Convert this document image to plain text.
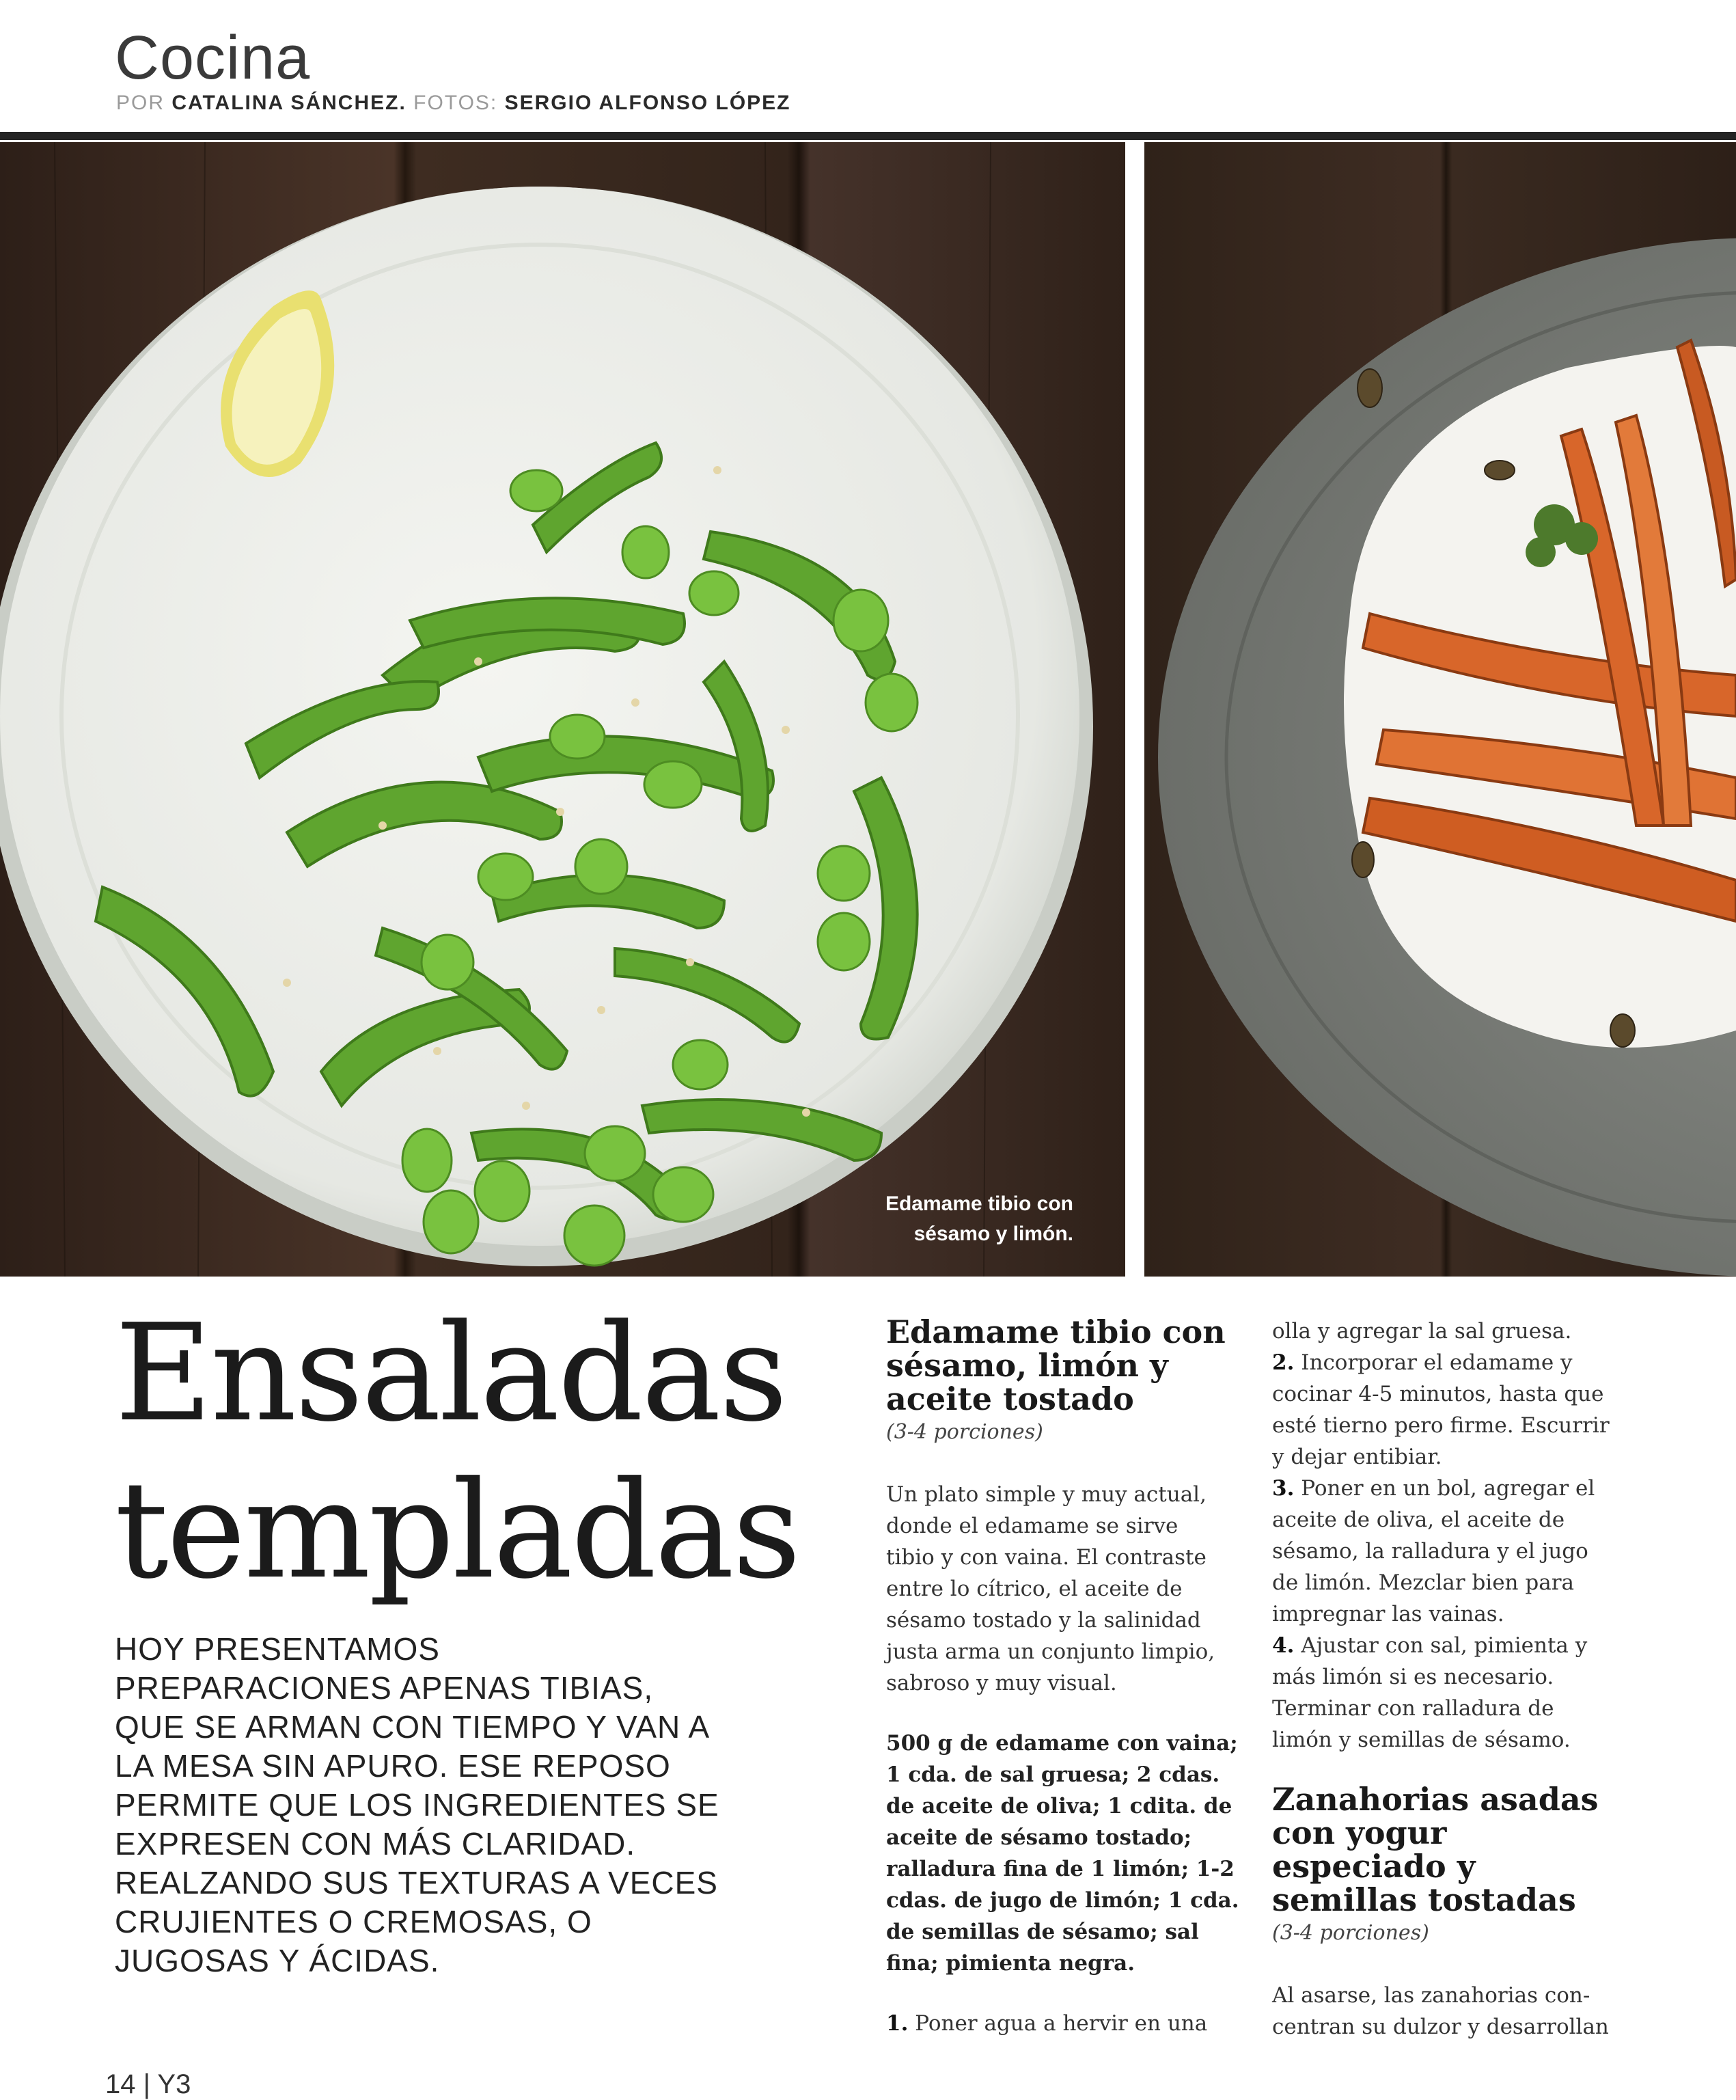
Cocina
POR CATALINA SÁNCHEZ. FOTOS: SERGIO ALFONSO LÓPEZ
Edamame tibio con
sésamo y limón.
Ensaladas
templadas
HOY PRESENTAMOS
PREPARACIONES APENAS TIBIAS,
QUE SE ARMAN CON TIEMPO Y VAN A
LA MESA SIN APURO. ESE REPOSO
PERMITE QUE LOS INGREDIENTES SE
EXPRESEN CON MÁS CLARIDAD.
REALZANDO SUS TEXTURAS A VECES
CRUJIENTES O CREMOSAS, O
JUGOSAS Y ÁCIDAS.
Edamame tibio con
sésamo, limón y
aceite tostado
(3-4 porciones)
Un plato simple y muy actual,
donde el edamame se sirve
tibio y con vaina. El contraste
entre lo cítrico, el aceite de
sésamo tostado y la salinidad
justa arma un conjunto limpio,
sabroso y muy visual.
500 g de edamame con vaina;
1 cda. de sal gruesa; 2 cdas.
de aceite de oliva; 1 cdita. de
aceite de sésamo tostado;
ralladura fina de 1 limón; 1-2
cdas. de jugo de limón; 1 cda.
de semillas de sésamo; sal
fina; pimienta negra.
1. Poner agua a hervir en una
olla y agregar la sal gruesa.
2. Incorporar el edamame y
cocinar 4-5 minutos, hasta que
esté tierno pero firme. Escurrir
y dejar entibiar.
3. Poner en un bol, agregar el
aceite de oliva, el aceite de
sésamo, la ralladura y el jugo
de limón. Mezclar bien para
impregnar las vainas.
4. Ajustar con sal, pimienta y
más limón si es necesario.
Terminar con ralladura de
limón y semillas de sésamo.
Zanahorias asadas
con yogur
especiado y
semillas tostadas
(3-4 porciones)
Al asarse, las zanahorias con-
centran su dulzor y desarrollan
14 | Y3
